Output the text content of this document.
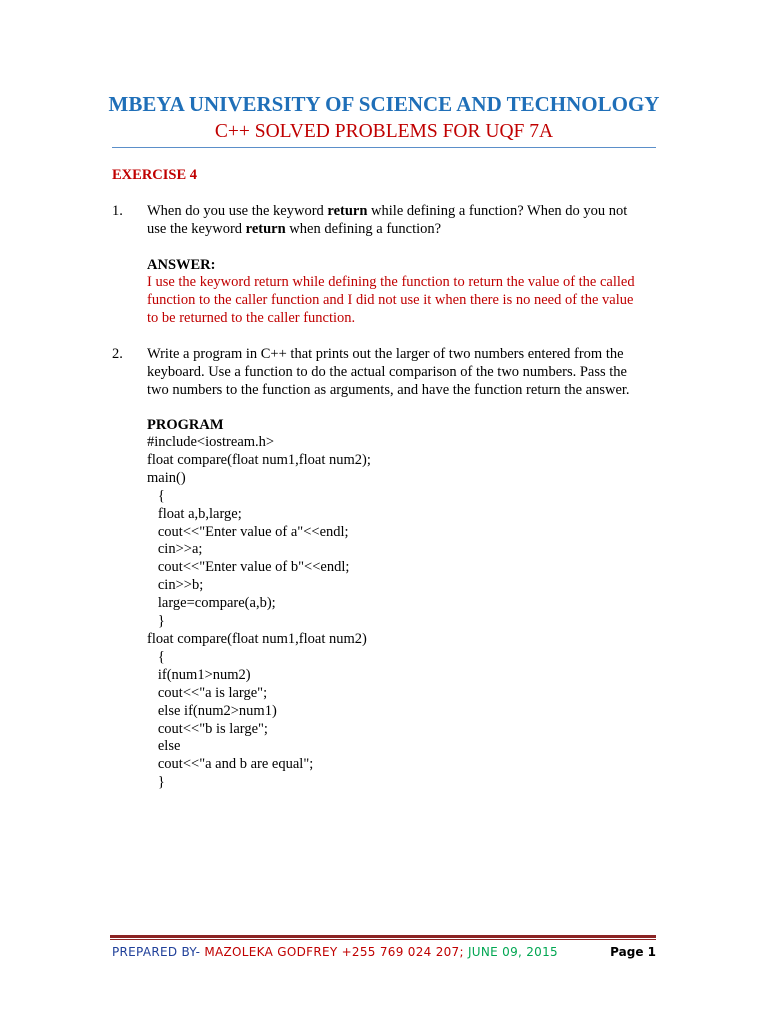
MBEYA UNIVERSITY OF SCIENCE AND TECHNOLOGY
C++ SOLVED PROBLEMS FOR UQF 7A
EXERCISE 4
1. When do you use the keyword return while defining a function? When do you not
use the keyword return when defining a function?
ANSWER:
I use the keyword return while defining the function to return the value of the called
function to the caller function and I did not use it when there is no need of the value
to be returned to the caller function.
2. Write a program in C++ that prints out the larger of two numbers entered from the
keyboard. Use a function to do the actual comparison of the two numbers. Pass the
two numbers to the function as arguments, and have the function return the answer.
PROGRAM
#include<iostream.h>
float compare(float num1,float num2);
main()
{
float a,b,large;
cout<<"Enter value of a"<<endl;
cin>>a;
cout<<"Enter value of b"<<endl;
cin>>b;
large=compare(a,b);
}
float compare(float num1,float num2)
{
if(num1>num2)
cout<<"a is large";
else if(num2>num1)
cout<<"b is large";
else
cout<<"a and b are equal";
}
PREPARED BY- MAZOLEKA GODFREY +255 769 024 207; JUNE 09, 2015	Page 1
